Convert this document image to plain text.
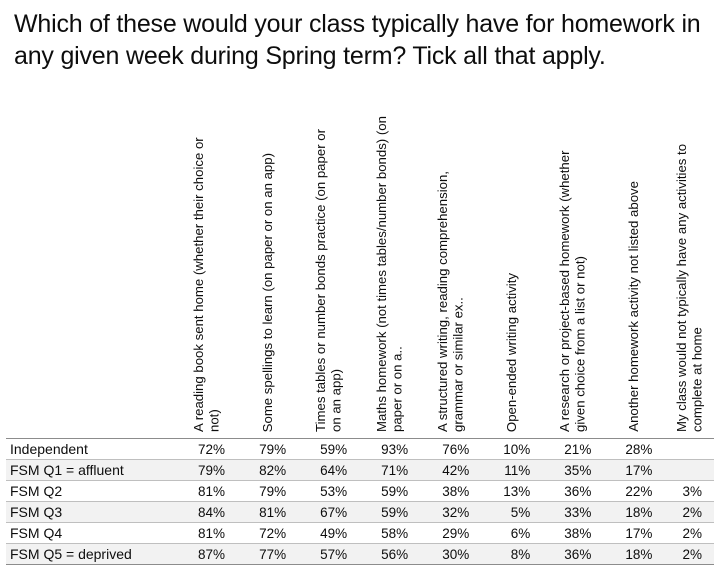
Which of these would your class typically have for homework in any given week during Spring term? Tick all that apply.

	A reading book sent home (whether their choice or not)	Some spellings to learn (on paper or on an app)	Times tables or number bonds practice (on paper or on an app)	Maths homework (not times tables/number bonds) (on paper or on a..	A structured writing, reading comprehension, grammar or similar ex..	Open-ended writing activity	A research or project-based homework (whether given choice from a list or not)	Another homework activity not listed above	My class would not typically have any activities to complete at home

Independent	72%	79%	59%	93%	76%	10%	21%	28%	
FSM Q1 = affluent	79%	82%	64%	71%	42%	11%	35%	17%	
FSM Q2	81%	79%	53%	59%	38%	13%	36%	22%	3%
FSM Q3	84%	81%	67%	59%	32%	5%	33%	18%	2%
FSM Q4	81%	72%	49%	58%	29%	6%	38%	17%	2%
FSM Q5 = deprived	87%	77%	57%	56%	30%	8%	36%	18%	2%
